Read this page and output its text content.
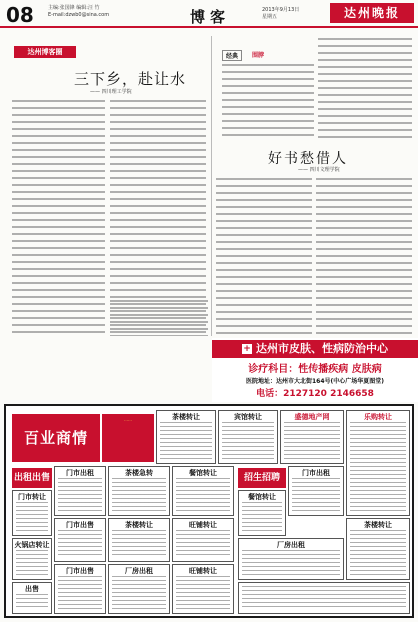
08	主编:张国锋 编辑:汪 竹
E-mail:dzwb0@sina.com	博客	2013年9月13日
星期五	达州晚报
达州博客圈
三下乡，赴让水
—— 四川理工学院
经典	围脖
好书愁借人
—— 四川文理学院
+ 达州市皮肤、性病防治中心
诊疗科目：性传播疾病 皮肤病
医院地址：达州市大北街164号(中心广场华夏图堂)
电话：2127120 2146658
百业商情
……
出租出售	招生招聘
茶楼转让	宾馆转让	盛德地产网	乐购转让
门市出租	茶楼急转	餐馆转让	门市出租
门市转让	餐馆转让
门市出售	茶楼转让	旺铺转让
火锅店转让	厂房出租
茶楼转让
出售
门市出售	厂房出租	旺铺转让
